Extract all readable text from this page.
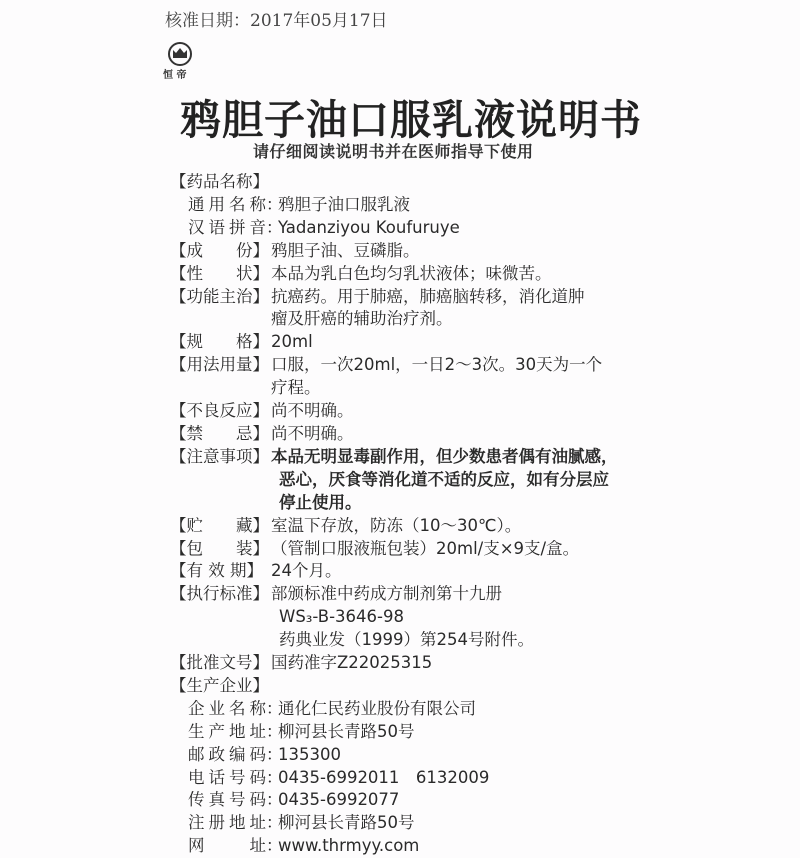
核准日期：2017年05月17日
恒 帝
鸦胆子油口服乳液说明书
请仔细阅读说明书并在医师指导下使用
【药品名称】
通用名称 ：
鸦胆子油口服乳液
汉语拼音 ：
Yadanziyou Koufuruye
【成　　份】 鸦胆子油、豆磷脂。
【性　　状】 本品为乳白色均匀乳状液体；味微苦。
【功能主治】 抗癌药。用于肺癌，肺癌脑转移，消化道肿
瘤及肝癌的辅助治疗剂。
【规　　格】 20ml
【用法用量】 口服，一次20ml，一日2～3次。30天为一个
疗程。
【不良反应】 尚不明确。
【禁　　忌】 尚不明确。
【注意事项】 本品无明显毒副作用，但少数患者偶有油腻感，
恶心，厌食等消化道不适的反应，如有分层应
停止使用。
【贮　　藏】 室温下存放，防冻（10～30℃）。
【包　　装】 （管制口服液瓶包装）20ml/支×9支/盒。
【有 效 期】 24个月。
【执行标准】 部颁标准中药成方制剂第十九册
WS₃-B-3646-98
药典业发（1999）第254号附件。
【批准文号】 国药准字Z22025315
【生产企业】
企业名称 ：
通化仁民药业股份有限公司
生产地址 ：
柳河县长青路50号
邮政编码 ：
135300
电话号码 ：
0435-6992011　6132009
传真号码 ：
0435-6992077
注册地址 ：
柳河县长青路50号
网　　址 ：
www.thrmyy.com
